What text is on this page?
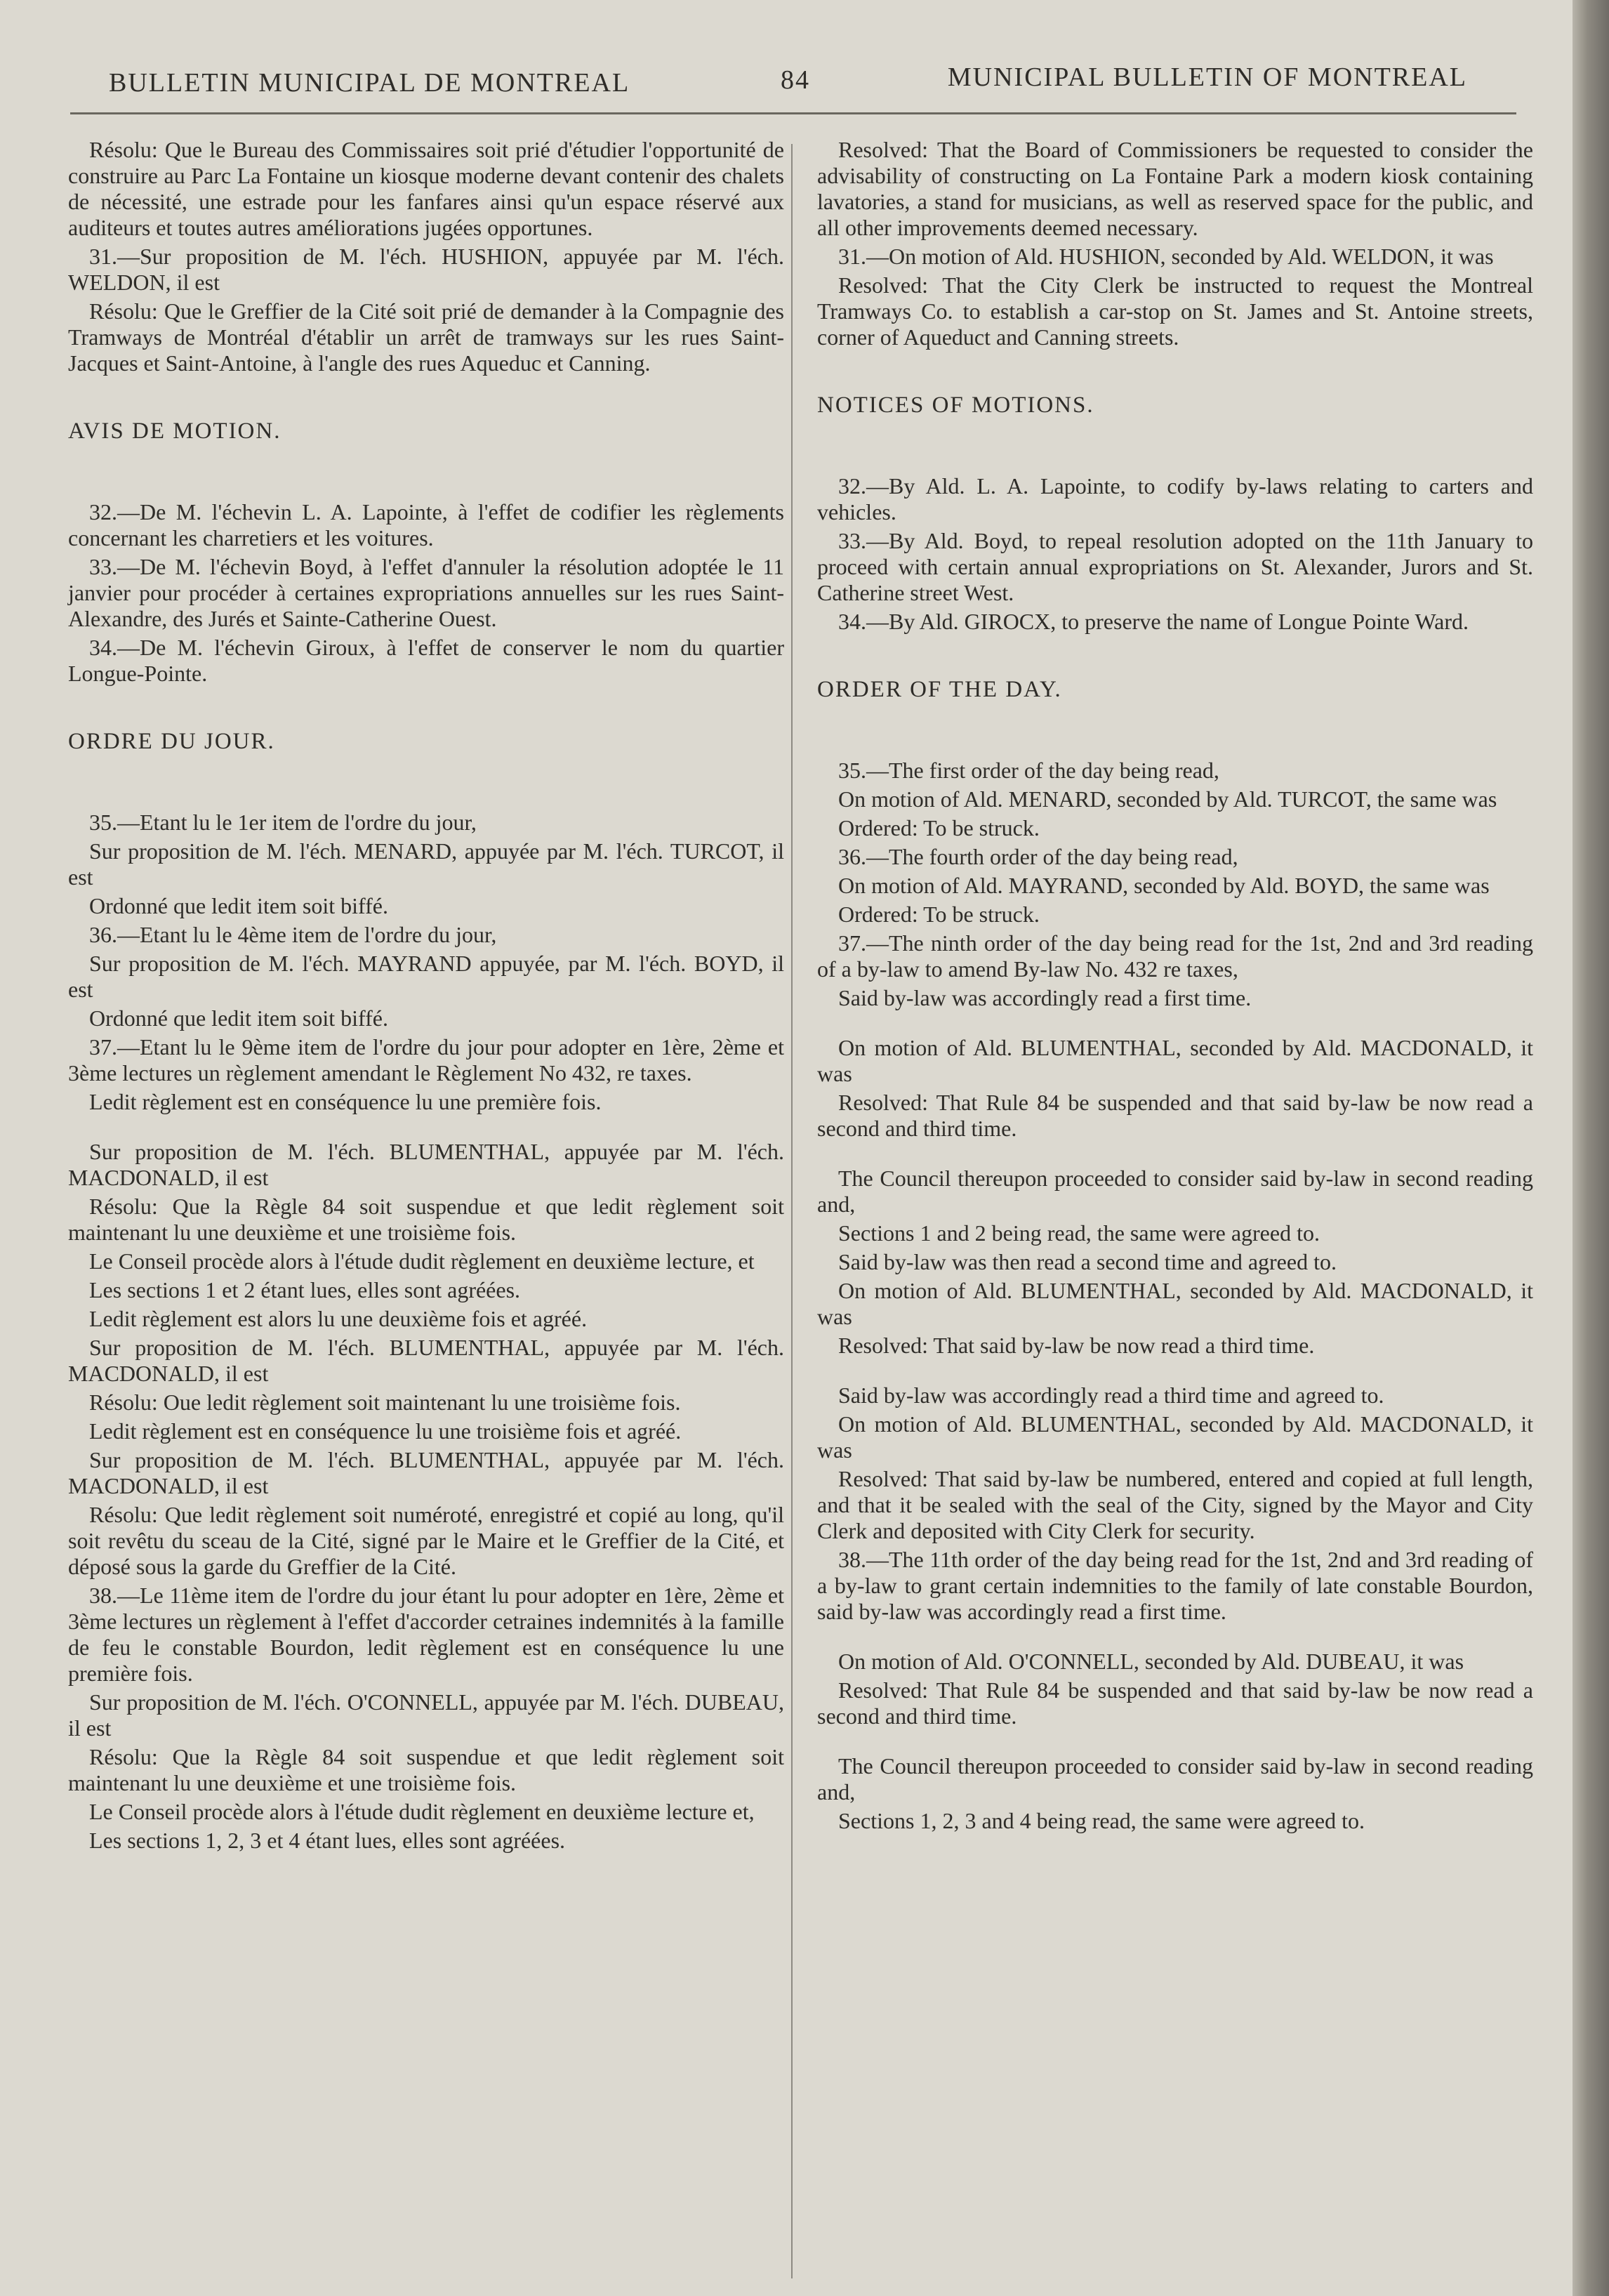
BULLETIN MUNICIPAL DE MONTREAL	84	MUNICIPAL BULLETIN OF MONTREAL

Résolu: Que le Bureau des Commissaires soit prié d'étudier l'opportunité de construire au Parc La Fontaine un kiosque moderne devant contenir des chalets de nécessité, une estrade pour les fanfares ainsi qu'un espace réservé aux auditeurs et toutes autres améliorations jugées opportunes.

31.—Sur proposition de M. l'éch. HUSHION, appuyée par M. l'éch. WELDON, il est

Résolu: Que le Greffier de la Cité soit prié de demander à la Compagnie des Tramways de Montréal d'établir un arrêt de tramways sur les rues Saint-Jacques et Saint-Antoine, à l'angle des rues Aqueduc et Canning.

AVIS DE MOTION.

32.—De M. l'échevin L. A. Lapointe, à l'effet de codifier les règlements concernant les charretiers et les voitures.

33.—De M. l'échevin Boyd, à l'effet d'annuler la résolution adoptée le 11 janvier pour procéder à certaines expropriations annuelles sur les rues Saint-Alexandre, des Jurés et Sainte-Catherine Ouest.

34.—De M. l'échevin Giroux, à l'effet de conserver le nom du quartier Longue-Pointe.

ORDRE DU JOUR.

35.—Etant lu le 1er item de l'ordre du jour,

Sur proposition de M. l'éch. MENARD, appuyée par M. l'éch. TURCOT, il est

Ordonné que ledit item soit biffé.

36.—Etant lu le 4ème item de l'ordre du jour,

Sur proposition de M. l'éch. MAYRAND appuyée, par M. l'éch. BOYD, il est

Ordonné que ledit item soit biffé.

37.—Etant lu le 9ème item de l'ordre du jour pour adopter en 1ère, 2ème et 3ème lectures un règlement amendant le Règlement No 432, re taxes.

Ledit règlement est en conséquence lu une première fois.

Sur proposition de M. l'éch. BLUMENTHAL, appuyée par M. l'éch. MACDONALD, il est

Résolu: Que la Règle 84 soit suspendue et que ledit règlement soit maintenant lu une deuxième et une troisième fois.

Le Conseil procède alors à l'étude dudit règlement en deuxième lecture, et

Les sections 1 et 2 étant lues, elles sont agréées.

Ledit règlement est alors lu une deuxième fois et agréé.

Sur proposition de M. l'éch. BLUMENTHAL, appuyée par M. l'éch. MACDONALD, il est

Résolu: Oue ledit règlement soit maintenant lu une troisième fois.

Ledit règlement est en conséquence lu une troisième fois et agréé.

Sur proposition de M. l'éch. BLUMENTHAL, appuyée par M. l'éch. MACDONALD, il est

Résolu: Que ledit règlement soit numéroté, enregistré et copié au long, qu'il soit revêtu du sceau de la Cité, signé par le Maire et le Greffier de la Cité, et déposé sous la garde du Greffier de la Cité.

38.—Le 11ème item de l'ordre du jour étant lu pour adopter en 1ère, 2ème et 3ème lectures un règlement à l'effet d'accorder cetraines indemnités à la famille de feu le constable Bourdon, ledit règlement est en conséquence lu une première fois.

Sur proposition de M. l'éch. O'CONNELL, appuyée par M. l'éch. DUBEAU, il est

Résolu: Que la Règle 84 soit suspendue et que ledit règlement soit maintenant lu une deuxième et une troisième fois.

Le Conseil procède alors à l'étude dudit règlement en deuxième lecture et,

Les sections 1, 2, 3 et 4 étant lues, elles sont agréées.

Resolved: That the Board of Commissioners be requested to consider the advisability of constructing on La Fontaine Park a modern kiosk containing lavatories, a stand for musicians, as well as reserved space for the public, and all other improvements deemed necessary.

31.—On motion of Ald. HUSHION, seconded by Ald. WELDON, it was

Resolved: That the City Clerk be instructed to request the Montreal Tramways Co. to establish a car-stop on St. James and St. Antoine streets, corner of Aqueduct and Canning streets.

NOTICES OF MOTIONS.

32.—By Ald. L. A. Lapointe, to codify by-laws relating to carters and vehicles.

33.—By Ald. Boyd, to repeal resolution adopted on the 11th January to proceed with certain annual expropriations on St. Alexander, Jurors and St. Catherine street West.

34.—By Ald. GIROCX, to preserve the name of Longue Pointe Ward.

ORDER OF THE DAY.

35.—The first order of the day being read,

On motion of Ald. MENARD, seconded by Ald. TURCOT, the same was

Ordered: To be struck.

36.—The fourth order of the day being read,

On motion of Ald. MAYRAND, seconded by Ald. BOYD, the same was

Ordered: To be struck.

37.—The ninth order of the day being read for the 1st, 2nd and 3rd reading of a by-law to amend By-law No. 432 re taxes,

Said by-law was accordingly read a first time.

On motion of Ald. BLUMENTHAL, seconded by Ald. MACDONALD, it was

Resolved: That Rule 84 be suspended and that said by-law be now read a second and third time.

The Council thereupon proceeded to consider said by-law in second reading and,

Sections 1 and 2 being read, the same were agreed to.

Said by-law was then read a second time and agreed to.

On motion of Ald. BLUMENTHAL, seconded by Ald. MACDONALD, it was

Resolved: That said by-law be now read a third time.

Said by-law was accordingly read a third time and agreed to.

On motion of Ald. BLUMENTHAL, seconded by Ald. MACDONALD, it was

Resolved: That said by-law be numbered, entered and copied at full length, and that it be sealed with the seal of the City, signed by the Mayor and City Clerk and deposited with City Clerk for security.

38.—The 11th order of the day being read for the 1st, 2nd and 3rd reading of a by-law to grant certain indemnities to the family of late constable Bourdon, said by-law was accordingly read a first time.

On motion of Ald. O'CONNELL, seconded by Ald. DUBEAU, it was

Resolved: That Rule 84 be suspended and that said by-law be now read a second and third time.

The Council thereupon proceeded to consider said by-law in second reading and,

Sections 1, 2, 3 and 4 being read, the same were agreed to.
